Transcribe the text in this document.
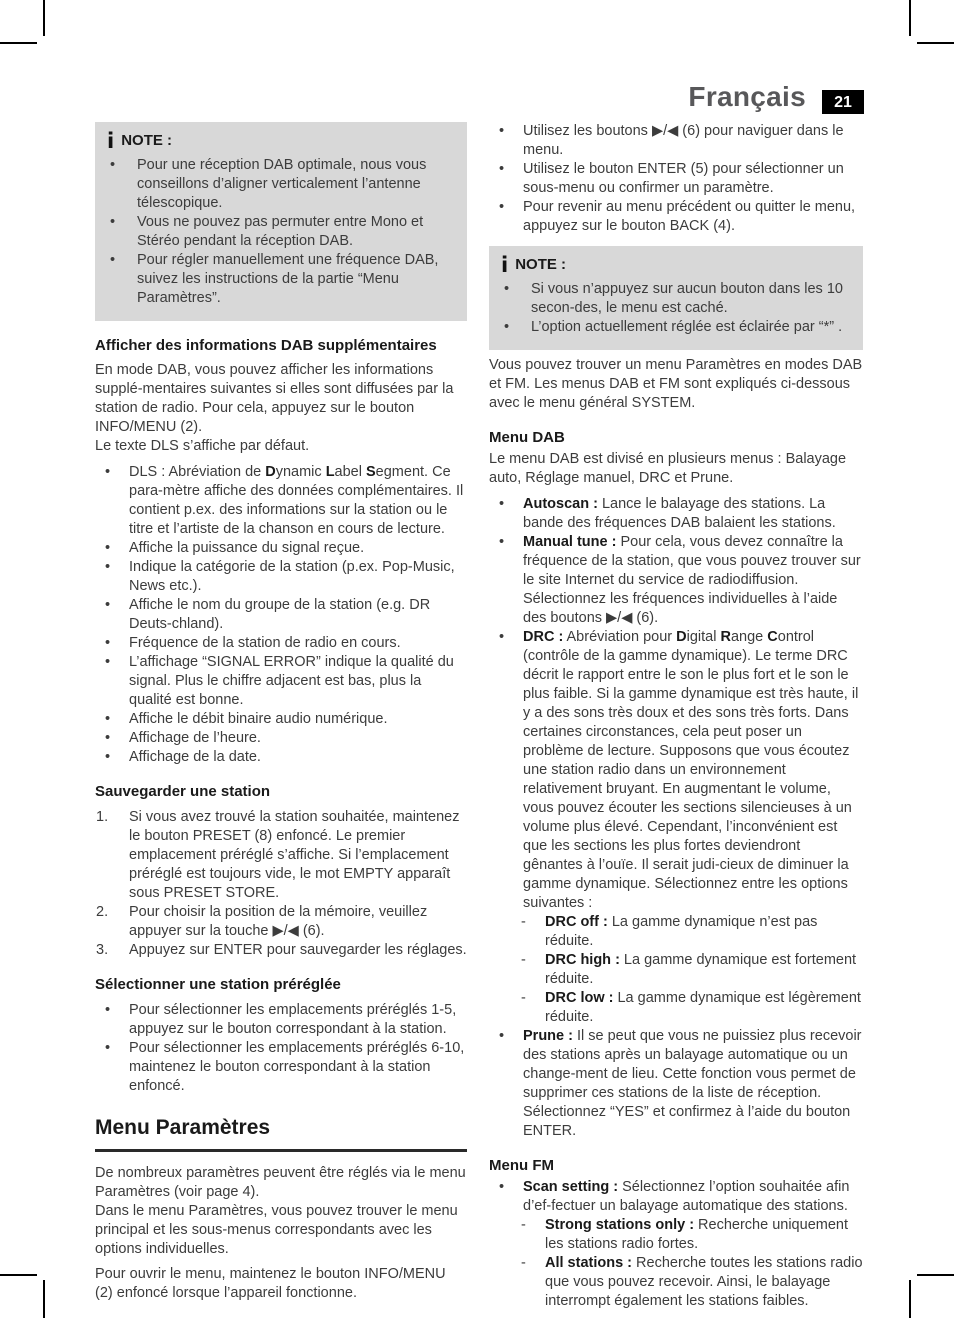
Français	21
i NOTE :
•	Pour une réception DAB optimale, nous vous conseillons d’aligner verticalement l’antenne télescopique.
•	Vous ne pouvez pas permuter entre Mono et Stéréo pendant la réception DAB.
•	Pour régler manuellement une fréquence DAB, suivez les instructions de la partie “Menu Paramètres”.
Afficher des informations DAB supplémentaires
En mode DAB, vous pouvez afficher les informations supplé-mentaires suivantes si elles sont diffusées par la station de radio. Pour cela, appuyez sur le bouton INFO/MENU (2).
Le texte DLS s’affiche par défaut.
•	DLS : Abréviation de Dynamic Label Segment. Ce para-mètre affiche des données complémentaires. Il contient p.ex. des informations sur la station ou le titre et l’artiste de la chanson en cours de lecture.
•	Affiche la puissance du signal reçue.
•	Indique la catégorie de la station (p.ex. Pop-Music, News etc.).
•	Affiche le nom du groupe de la station (e.g. DR Deuts-chland).
•	Fréquence de la station de radio en cours.
•	L’affichage “SIGNAL ERROR” indique la qualité du signal. Plus le chiffre adjacent est bas, plus la qualité est bonne.
•	Affiche le débit binaire audio numérique.
•	Affichage de l’heure.
•	Affichage de la date.
Sauvegarder une station
1.	Si vous avez trouvé la station souhaitée, maintenez le bouton PRESET (8) enfoncé. Le premier emplacement préréglé s’affiche. Si l’emplacement préréglé est toujours vide, le mot EMPTY apparaît sous PRESET STORE.
2.	Pour choisir la position de la mémoire, veuillez appuyer sur la touche ▶/◀ (6).
3.	Appuyez sur ENTER pour sauvegarder les réglages.
Sélectionner une station préréglée
•	Pour sélectionner les emplacements préréglés 1-5, appuyez sur le bouton correspondant à la station.
•	Pour sélectionner les emplacements préréglés 6-10, maintenez le bouton correspondant à la station enfoncé.
Menu Paramètres
De nombreux paramètres peuvent être réglés via le menu Paramètres (voir page 4).
Dans le menu Paramètres, vous pouvez trouver le menu principal et les sous-menus correspondants avec les options individuelles.
Pour ouvrir le menu, maintenez le bouton INFO/MENU (2) enfoncé lorsque l’appareil fonctionne.
•	Utilisez les boutons ▶/◀ (6) pour naviguer dans le menu.
•	Utilisez le bouton ENTER (5) pour sélectionner un sous-menu ou confirmer un paramètre.
•	Pour revenir au menu précédent ou quitter le menu, appuyez sur le bouton BACK (4).
i NOTE :
•	Si vous n’appuyez sur aucun bouton dans les 10 secon-des, le menu est caché.
•	L’option actuellement réglée est éclairée par “*” .
Vous pouvez trouver un menu Paramètres en modes DAB et FM. Les menus DAB et FM sont expliqués ci-dessous avec le menu général SYSTEM.
Menu DAB
Le menu DAB est divisé en plusieurs menus : Balayage auto, Réglage manuel, DRC et Prune.
•	Autoscan : Lance le balayage des stations. La bande des fréquences DAB balaient les stations.
•	Manual tune : Pour cela, vous devez connaître la fréquence de la station, que vous pouvez trouver sur le site Internet du service de radiodiffusion. Sélectionnez les fréquences individuelles à l’aide des boutons ▶/◀ (6).
•	DRC : Abréviation pour Digital Range Control (contrôle de la gamme dynamique). Le terme DRC décrit le rapport entre le son le plus fort et le son le plus faible. Si la gamme dynamique est très haute, il y a des sons très doux et des sons très forts. Dans certaines circonstances, cela peut poser un problème de lecture. Supposons que vous écoutez une station radio dans un environnement relativement bruyant. En augmentant le volume, vous pouvez écouter les sections silencieuses à un volume plus élevé. Cependant, l’inconvénient est que les sections les plus fortes deviendront gênantes à l’ouïe. Il serait judi-cieux de diminuer la gamme dynamique. Sélectionnez entre les options suivantes :
-	DRC off : La gamme dynamique n’est pas réduite.
-	DRC high : La gamme dynamique est fortement réduite.
-	DRC low : La gamme dynamique est légèrement réduite.
•	Prune : Il se peut que vous ne puissiez plus recevoir des stations après un balayage automatique ou un change-ment de lieu. Cette fonction vous permet de supprimer ces stations de la liste de réception. Sélectionnez “YES” et confirmez à l’aide du bouton ENTER.
Menu FM
•	Scan setting : Sélectionnez l’option souhaitée afin d’ef-fectuer un balayage automatique des stations.
-	Strong stations only : Recherche uniquement les stations radio fortes.
-	All stations : Recherche toutes les stations radio que vous pouvez recevoir. Ainsi, le balayage interrompt également les stations faibles.
